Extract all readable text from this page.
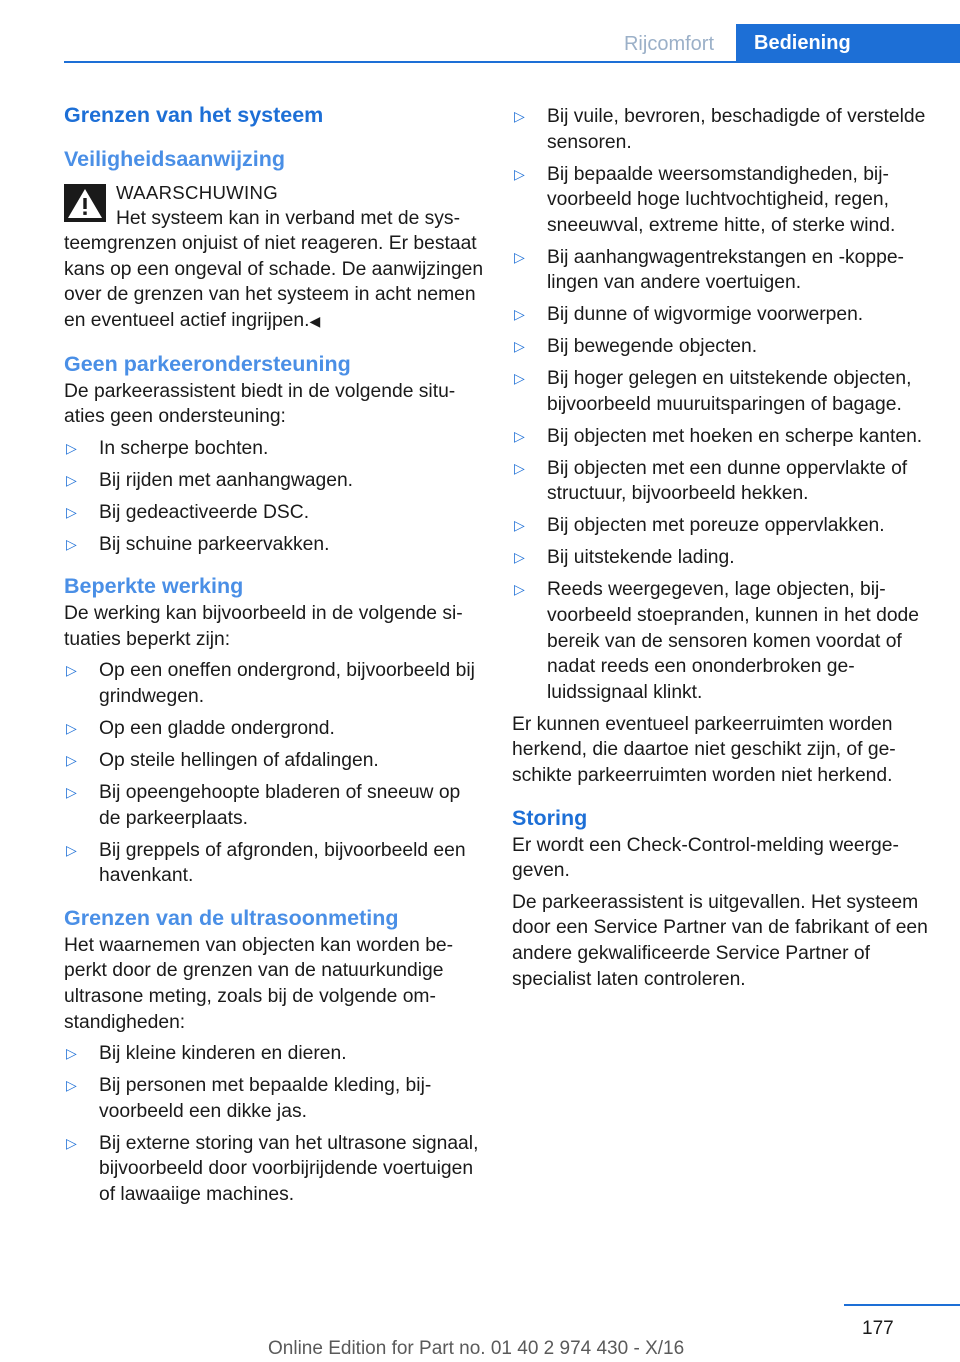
Rijcomfort	Bediening
Grenzen van het systeem
Veiligheidsaanwijzing
WAARSCHUWING
Het systeem kan in verband met de systeemgrenzen onjuist of niet reageren. Er bestaat kans op een ongeval of schade. De aanwijzingen over de grenzen van het systeem in acht nemen en eventueel actief ingrijpen.◀
Geen parkeerondersteuning

De parkeerassistent biedt in de volgende situaties geen ondersteuning:

▷ In scherpe bochten.
▷ Bij rijden met aanhangwagen.
▷ Bij gedeactiveerde DSC.
▷ Bij schuine parkeervakken.
Beperkte werking

De werking kan bijvoorbeeld in de volgende situaties beperkt zijn:

▷ Op een oneffen ondergrond, bijvoorbeeld bij grindwegen.
▷ Op een gladde ondergrond.
▷ Op steile hellingen of afdalingen.
▷ Bij opeengehoopte bladeren of sneeuw op de parkeerplaats.
▷ Bij greppels of afgronden, bijvoorbeeld een havenkant.
Grenzen van de ultrasoonmeting

Het waarnemen van objecten kan worden beperkt door de grenzen van de natuurkundige ultrasone meting, zoals bij de volgende omstandigheden:

▷ Bij kleine kinderen en dieren.
▷ Bij personen met bepaalde kleding, bijvoorbeeld een dikke jas.
▷ Bij externe storing van het ultrasone signaal, bijvoorbeeld door voorbijrijdende voertuigen of lawaaiige machines.
▷ Bij vuile, bevroren, beschadigde of verstelde sensoren.
▷ Bij bepaalde weersomstandigheden, bijvoorbeeld hoge luchtvochtigheid, regen, sneeuwval, extreme hitte, of sterke wind.
▷ Bij aanhangwagentrekstangen en -koppelingen van andere voertuigen.
▷ Bij dunne of wigvormige voorwerpen.
▷ Bij bewegende objecten.
▷ Bij hoger gelegen en uitstekende objecten, bijvoorbeeld muuruitsparingen of bagage.
▷ Bij objecten met hoeken en scherpe kanten.
▷ Bij objecten met een dunne oppervlakte of structuur, bijvoorbeeld hekken.
▷ Bij objecten met poreuze oppervlakken.
▷ Bij uitstekende lading.
▷ Reeds weergegeven, lage objecten, bijvoorbeeld stoepranden, kunnen in het dode bereik van de sensoren komen voordat of nadat reeds een ononderbroken geluidssignaal klinkt.

Er kunnen eventueel parkeerruimten worden herkend, die daartoe niet geschikt zijn, of geschikte parkeerruimten worden niet herkend.

Storing

Er wordt een Check-Control-melding weergegeven.

De parkeerassistent is uitgevallen. Het systeem door een Service Partner van de fabrikant of een andere gekwalificeerde Service Partner of specialist laten controleren.

177
Online Edition for Part no. 01 40 2 974 430 - X/16
